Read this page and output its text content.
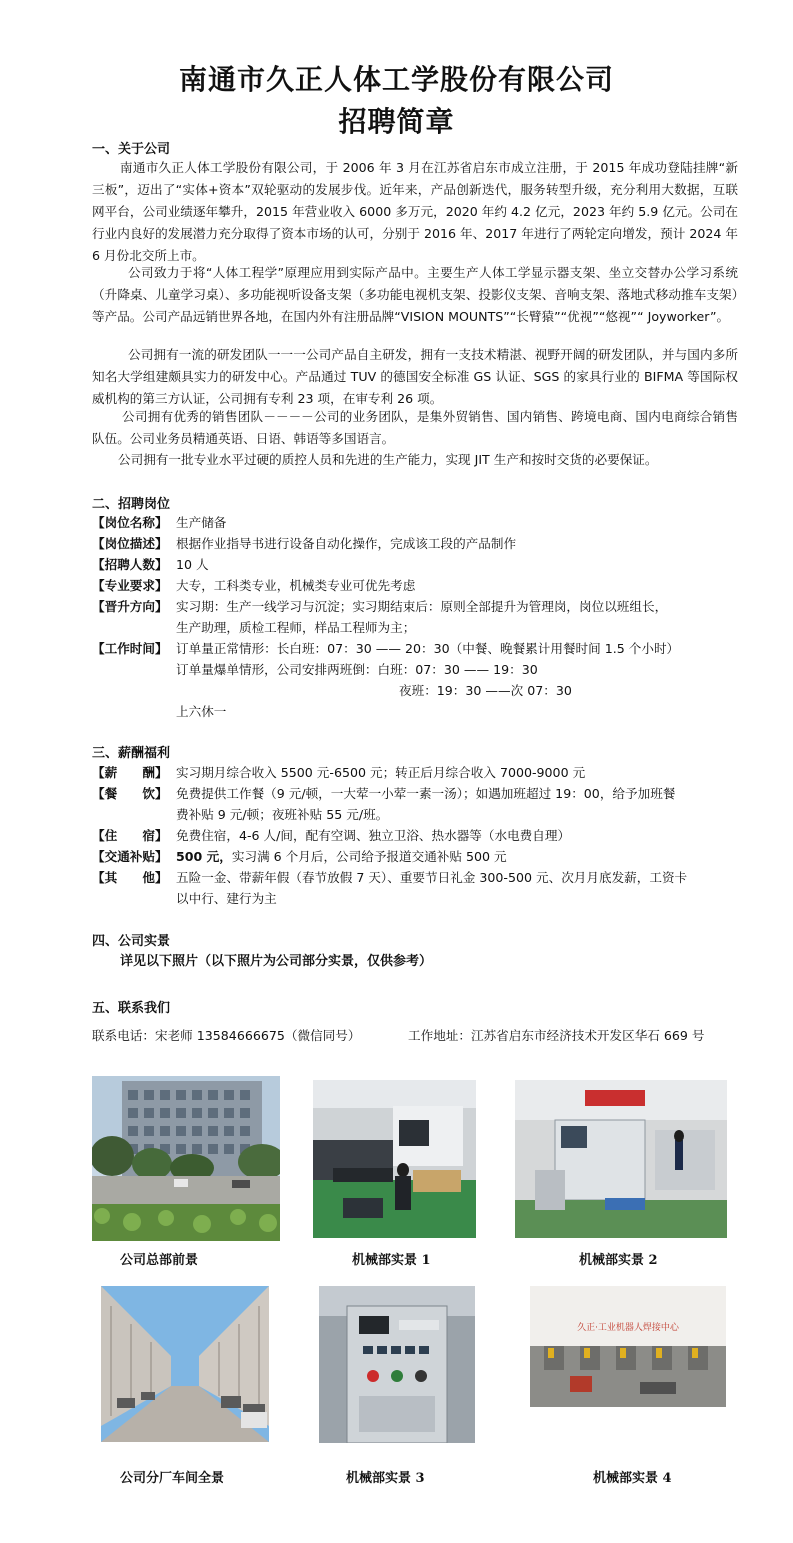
南通市久正人体工学股份有限公司
招聘简章
一、关于公司
南通市久正人体工学股份有限公司，于 2006 年 3 月在江苏省启东市成立注册，于 2015 年成功登陆挂牌“新三板”，迈出了“实体+资本”双轮驱动的发展步伐。近年来，产品创新迭代，服务转型升级，充分利用大数据，互联网平台，公司业绩逐年攀升，2015 年营业收入 6000 多万元，2020 年约 4.2 亿元，2023 年约 5.9 亿元。公司在行业内良好的发展潜力充分取得了资本市场的认可，分别于 2016 年、2017 年进行了两轮定向增发，预计 2024 年 6 月份北交所上市。
公司致力于将“人体工程学”原理应用到实际产品中。主要生产人体工学显示器支架、坐立交替办公学习系统（升降桌、儿童学习桌）、多功能视听设备支架（多功能电视机支架、投影仪支架、音响支架、落地式移动推车支架）等产品。公司产品远销世界各地，在国内外有注册品牌“VISION MOUNTS”“长臂猿”“优视”“悠视”“ Joyworker”。
公司拥有一流的研发团队一一一公司产品自主研发，拥有一支技术精湛、视野开阔的研发团队，并与国内多所知名大学组建颇具实力的研发中心。产品通过 TUV 的德国安全标准 GS 认证、SGS 的家具行业的 BIFMA 等国际权威机构的第三方认证，公司拥有专利 23 项，在审专利 26 项。
公司拥有优秀的销售团队－－－－公司的业务团队，是集外贸销售、国内销售、跨境电商、国内电商综合销售队伍。公司业务员精通英语、日语、韩语等多国语言。
公司拥有一批专业水平过硬的质控人员和先进的生产能力，实现 JIT 生产和按时交货的必要保证。
二、招聘岗位
【岗位名称】 生产储备
【岗位描述】 根据作业指导书进行设备自动化操作，完成该工段的产品制作
【招聘人数】 10 人
【专业要求】 大专，工科类专业，机械类专业可优先考虑
【晋升方向】 实习期：生产一线学习与沉淀；实习期结束后：原则全部提升为管理岗，岗位以班组长，
生产助理，质检工程师，样品工程师为主；
【工作时间】 订单量正常情形：长白班：07：30 —— 20：30（中餐、晚餐累计用餐时间 1.5 个小时）
订单量爆单情形，公司安排两班倒：白班：07：30 —— 19：30
夜班：19：30 ——次 07：30
上六休一
三、薪酬福利
【薪　　酬】 实习期月综合收入 5500 元-6500 元；转正后月综合收入 7000-9000 元
【餐　　饮】 免费提供工作餐（9 元/顿，一大荤一小荤一素一汤）；如遇加班超过 19：00，给予加班餐
费补贴 9 元/顿；夜班补贴 55 元/班。
【住　　宿】 免费住宿，4-6 人/间，配有空调、独立卫浴、热水器等（水电费自理）
【交通补贴】 500 元，实习满 6 个月后，公司给予报道交通补贴 500 元
【其　　他】 五险一金、带薪年假（春节放假 7 天）、重要节日礼金 300-500 元、次月月底发薪，工资卡
以中行、建行为主
四、公司实景
详见以下照片（以下照片为公司部分实景，仅供参考）
五、联系我们
联系电话：宋老师 13584666675（微信同号）	工作地址：江苏省启东市经济技术开发区华石 669 号
公司总部前景	机械部实景 1	机械部实景 2
公司分厂车间全景	机械部实景 3
久正·工业机器人焊接中心
机械部实景 4
